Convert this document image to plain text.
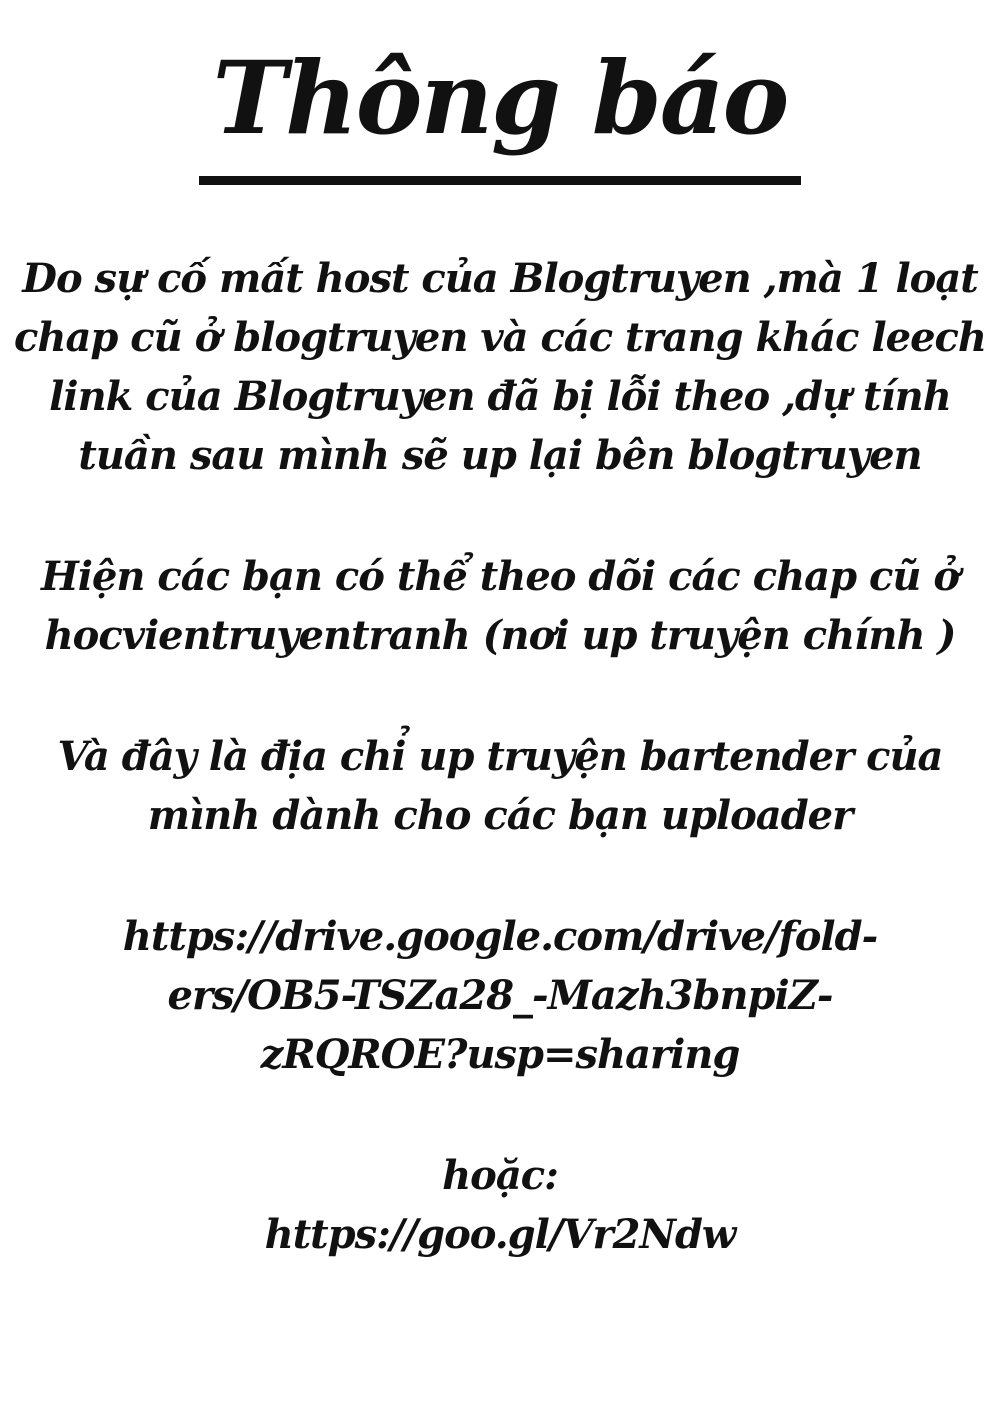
Thông báo
Do sự cố mất host của Blogtruyen ,mà 1 loạt
chap cũ ở blogtruyen và các trang khác leech
link của Blogtruyen đã bị lỗi theo ,dự tính
tuần sau mình sẽ up lại bên blogtruyen
Hiện các bạn có thể theo dõi các chap cũ ở
hocvientruyentranh (nơi up truyện chính )
Và đây là địa chỉ up truyện bartender của
mình dành cho các bạn uploader
https://drive.google.com/drive/fold-
ers/OB5-TSZa28_-Mazh3bnpiZ-
zRQROE?usp=sharing
hoặc:
https://goo.gl/Vr2Ndw
